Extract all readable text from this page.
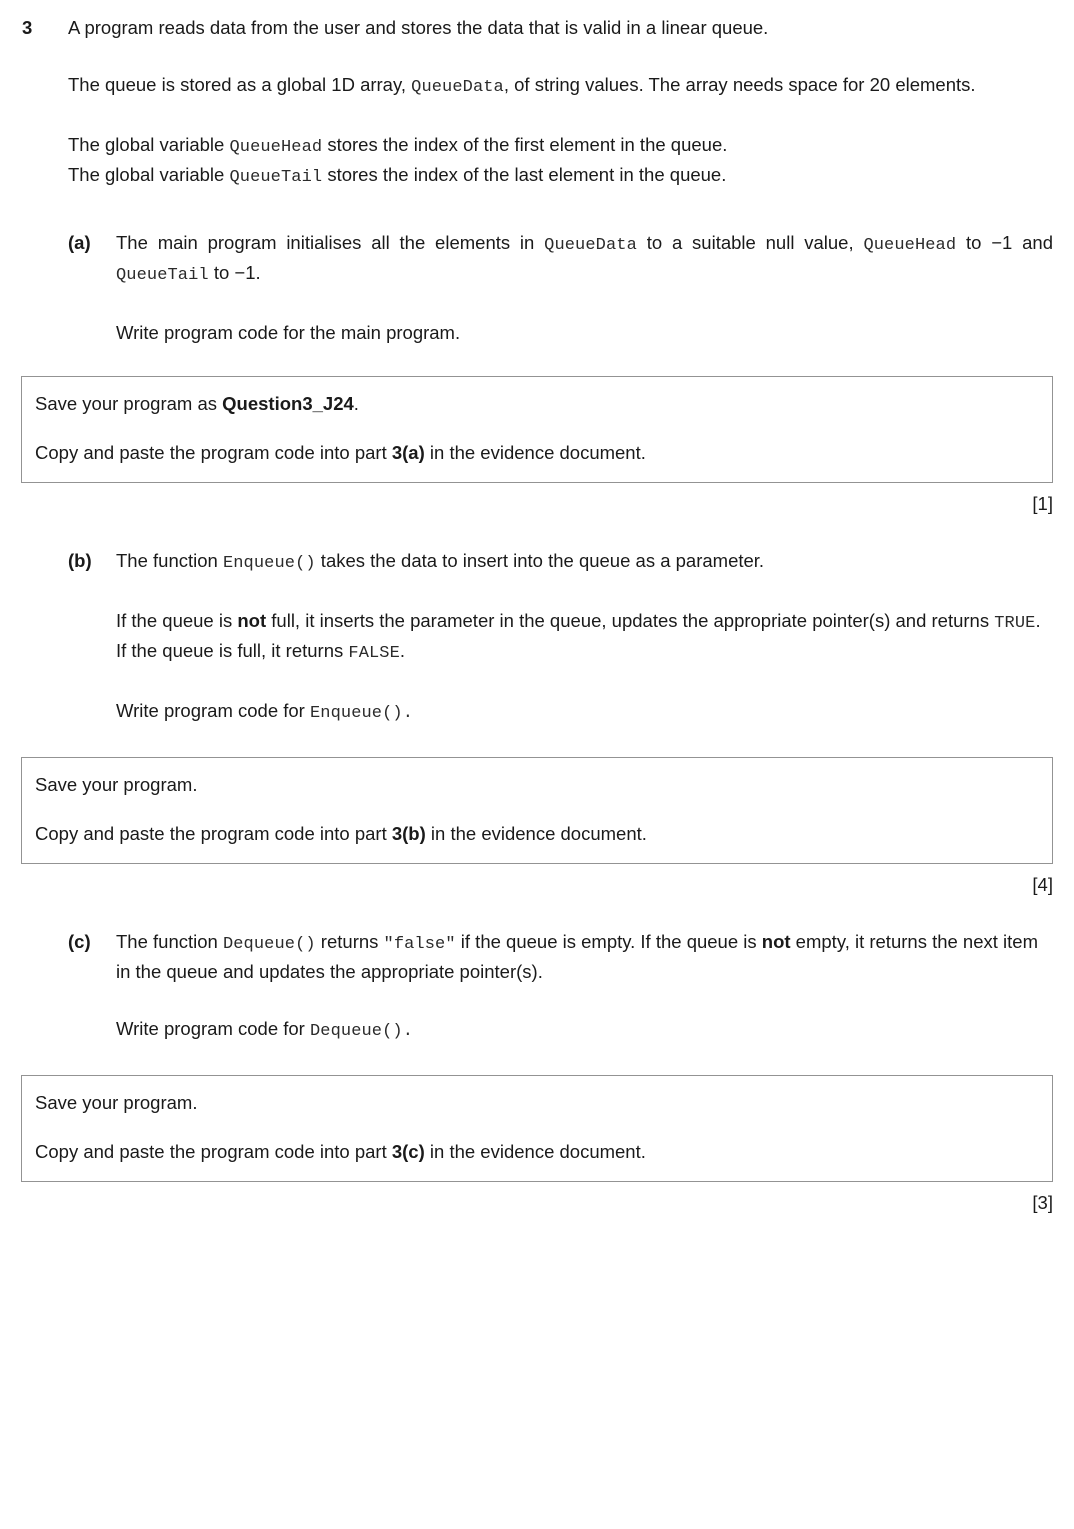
3	A program reads data from the user and stores the data that is valid in a linear queue.

The queue is stored as a global 1D array, QueueData, of string values. The array needs space for 20 elements.

The global variable QueueHead stores the index of the first element in the queue.

The global variable QueueTail stores the index of the last element in the queue.

(a)	The main program initialises all the elements in QueueData to a suitable null value, QueueHead to −1 and QueueTail to −1.

Write program code for the main program.

Save your program as Question3_J24.
Copy and paste the program code into part 3(a) in the evidence document.
[1]
(b)	The function Enqueue() takes the data to insert into the queue as a parameter.

If the queue is not full, it inserts the parameter in the queue, updates the appropriate pointer(s) and returns TRUE. If the queue is full, it returns FALSE.

Write program code for Enqueue().

Save your program.
Copy and paste the program code into part 3(b) in the evidence document.
[4]
(c)	The function Dequeue() returns "false" if the queue is empty. If the queue is not empty, it returns the next item in the queue and updates the appropriate pointer(s).

Write program code for Dequeue().

Save your program.
Copy and paste the program code into part 3(c) in the evidence document.
[3]
